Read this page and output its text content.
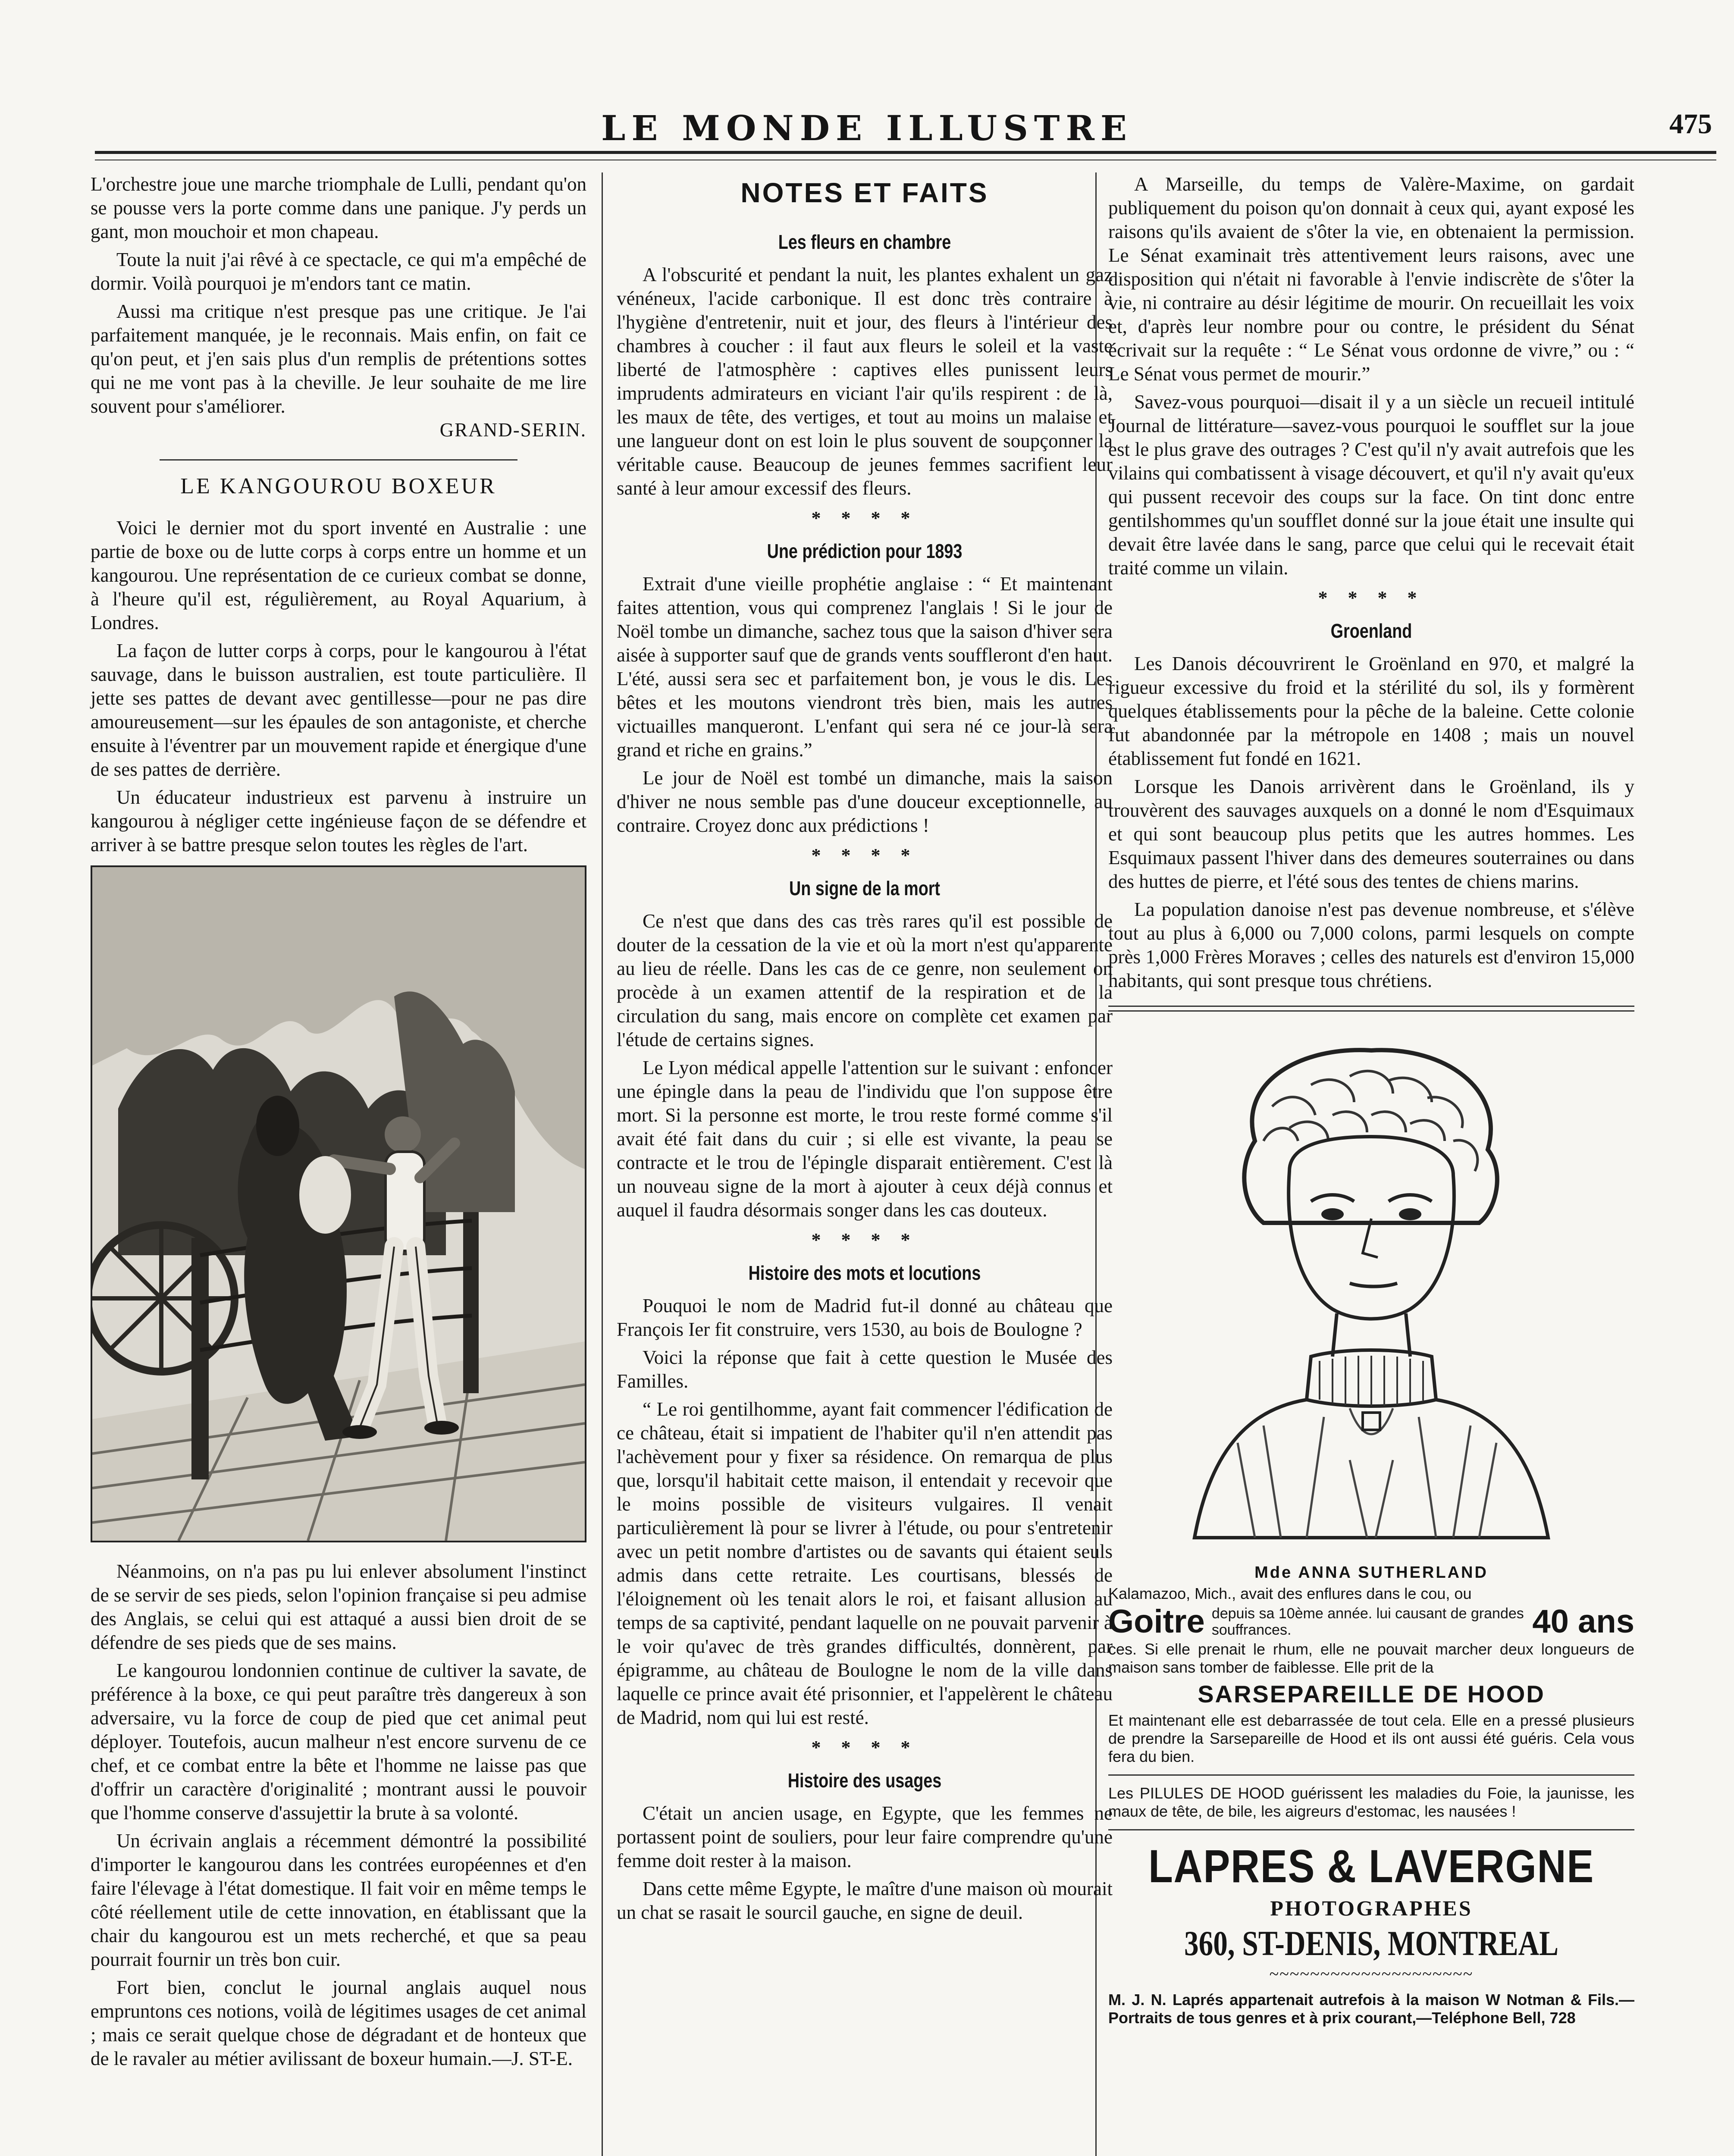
LE MONDE ILLUSTRE	475

L'orchestre joue une marche triomphale de Lulli, pendant qu'on se pousse vers la porte comme dans une panique. J'y perds un gant, mon mouchoir et mon chapeau.

Toute la nuit j'ai rêvé à ce spectacle, ce qui m'a empêché de dormir. Voilà pourquoi je m'endors tant ce matin.

Aussi ma critique n'est presque pas une critique. Je l'ai parfaitement manquée, je le reconnais. Mais enfin, on fait ce qu'on peut, et j'en sais plus d'un remplis de prétentions sottes qui ne me vont pas à la cheville. Je leur souhaite de me lire souvent pour s'améliorer.

GRAND-SERIN.
LE KANGOUROU BOXEUR

Voici le dernier mot du sport inventé en Australie : une partie de boxe ou de lutte corps à corps entre un homme et un kangourou. Une représentation de ce curieux combat se donne, à l'heure qu'il est, régulièrement, au Royal Aquarium, à Londres.

La façon de lutter corps à corps, pour le kangourou à l'état sauvage, dans le buisson australien, est toute particulière. Il jette ses pattes de devant avec gentillesse—pour ne pas dire amoureusement—sur les épaules de son antagoniste, et cherche ensuite à l'éventrer par un mouvement rapide et énergique d'une de ses pattes de derrière.

Un éducateur industrieux est parvenu à instruire un kangourou à négliger cette ingénieuse façon de se défendre et arriver à se battre presque selon toutes les règles de l'art.

Néanmoins, on n'a pas pu lui enlever absolument l'instinct de se servir de ses pieds, selon l'opinion française si peu admise des Anglais, se celui qui est attaqué a aussi bien droit de se défendre de ses pieds que de ses mains.

Le kangourou londonnien continue de cultiver la savate, de préférence à la boxe, ce qui peut paraître très dangereux à son adversaire, vu la force de coup de pied que cet animal peut déployer. Toutefois, aucun malheur n'est encore survenu de ce chef, et ce combat entre la bête et l'homme ne laisse pas que d'offrir un caractère d'originalité ; montrant aussi le pouvoir que l'homme conserve d'assujettir la brute à sa volonté.

Un écrivain anglais a récemment démontré la possibilité d'importer le kangourou dans les contrées européennes et d'en faire l'élevage à l'état domestique. Il fait voir en même temps le côté réellement utile de cette innovation, en établissant que la chair du kangourou est un mets recherché, et que sa peau pourrait fournir un très bon cuir.

Fort bien, conclut le journal anglais auquel nous empruntons ces notions, voilà de légitimes usages de cet animal ; mais ce serait quelque chose de dégradant et de honteux que de le ravaler au métier avilissant de boxeur humain.—J. ST-E.

NOTES ET FAITS
Les fleurs en chambre

A l'obscurité et pendant la nuit, les plantes exhalent un gaz vénéneux, l'acide carbonique. Il est donc très contraire à l'hygiène d'entretenir, nuit et jour, des fleurs à l'intérieur des chambres à coucher : il faut aux fleurs le soleil et la vaste liberté de l'atmosphère : captives elles punissent leurs imprudents admirateurs en viciant l'air qu'ils respirent : de là, les maux de tête, des vertiges, et tout au moins un malaise et une langueur dont on est loin le plus souvent de soupçonner la véritable cause. Beaucoup de jeunes femmes sacrifient leur santé à leur amour excessif des fleurs.

* * * *
Une prédiction pour 1893

Extrait d'une vieille prophétie anglaise : “ Et maintenant faites attention, vous qui comprenez l'anglais ! Si le jour de Noël tombe un dimanche, sachez tous que la saison d'hiver sera aisée à supporter sauf que de grands vents souffleront d'en haut. L'été, aussi sera sec et parfaitement bon, je vous le dis. Les bêtes et les moutons viendront très bien, mais les autres victuailles manqueront. L'enfant qui sera né ce jour-là sera grand et riche en grains.”

Le jour de Noël est tombé un dimanche, mais la saison d'hiver ne nous semble pas d'une douceur exceptionnelle, au contraire. Croyez donc aux prédictions !

* * * *
Un signe de la mort

Ce n'est que dans des cas très rares qu'il est possible de douter de la cessation de la vie et où la mort n'est qu'apparente au lieu de réelle. Dans les cas de ce genre, non seulement on procède à un examen attentif de la respiration et de la circulation du sang, mais encore on complète cet examen par l'étude de certains signes.

Le Lyon médical appelle l'attention sur le suivant : enfoncer une épingle dans la peau de l'individu que l'on suppose être mort. Si la personne est morte, le trou reste formé comme s'il avait été fait dans du cuir ; si elle est vivante, la peau se contracte et le trou de l'épingle disparait entièrement. C'est là un nouveau signe de la mort à ajouter à ceux déjà connus et auquel il faudra désormais songer dans les cas douteux.

* * * *
Histoire des mots et locutions

Pouquoi le nom de Madrid fut-il donné au château que François Ier fit construire, vers 1530, au bois de Boulogne ?

Voici la réponse que fait à cette question le Musée des Familles.

“ Le roi gentilhomme, ayant fait commencer l'édification de ce château, était si impatient de l'habiter qu'il n'en attendit pas l'achèvement pour y fixer sa résidence. On remarqua de plus que, lorsqu'il habitait cette maison, il entendait y recevoir que le moins possible de visiteurs vulgaires. Il venait particulièrement là pour se livrer à l'étude, ou pour s'entretenir avec un petit nombre d'artistes ou de savants qui étaient seuls admis dans cette retraite. Les courtisans, blessés de l'éloignement où les tenait alors le roi, et faisant allusion au temps de sa captivité, pendant laquelle on ne pouvait parvenir à le voir qu'avec de très grandes difficultés, donnèrent, par épigramme, au château de Boulogne le nom de la ville dans laquelle ce prince avait été prisonnier, et l'appelèrent le château de Madrid, nom qui lui est resté.

* * * *
Histoire des usages

C'était un ancien usage, en Egypte, que les femmes ne portassent point de souliers, pour leur faire comprendre qu'une femme doit rester à la maison.

Dans cette même Egypte, le maître d'une maison où mourait un chat se rasait le sourcil gauche, en signe de deuil.

A Marseille, du temps de Valère-Maxime, on gardait publiquement du poison qu'on donnait à ceux qui, ayant exposé les raisons qu'ils avaient de s'ôter la vie, en obtenaient la permission. Le Sénat examinait très attentivement leurs raisons, avec une disposition qui n'était ni favorable à l'envie indiscrète de s'ôter la vie, ni contraire au désir légitime de mourir. On recueillait les voix et, d'après leur nombre pour ou contre, le président du Sénat écrivait sur la requête : “ Le Sénat vous ordonne de vivre,” ou : “ Le Sénat vous permet de mourir.”

Savez-vous pourquoi—disait il y a un siècle un recueil intitulé Journal de littérature—savez-vous pourquoi le soufflet sur la joue est le plus grave des outrages ? C'est qu'il n'y avait autrefois que les vilains qui combatissent à visage découvert, et qu'il n'y avait qu'eux qui pussent recevoir des coups sur la face. On tint donc entre gentilshommes qu'un soufflet donné sur la joue était une insulte qui devait être lavée dans le sang, parce que celui qui le recevait était traité comme un vilain.

* * * *
Groenland

Les Danois découvrirent le Groënland en 970, et malgré la rigueur excessive du froid et la stérilité du sol, ils y formèrent quelques établissements pour la pêche de la baleine. Cette colonie fut abandonnée par la métropole en 1408 ; mais un nouvel établissement fut fondé en 1621.

Lorsque les Danois arrivèrent dans le Groënland, ils y trouvèrent des sauvages auxquels on a donné le nom d'Esquimaux et qui sont beaucoup plus petits que les autres hommes. Les Esquimaux passent l'hiver dans des demeures souterraines ou dans des huttes de pierre, et l'été sous des tentes de chiens marins.

La population danoise n'est pas devenue nombreuse, et s'élève tout au plus à 6,000 ou 7,000 colons, parmi lesquels on compte près 1,000 Frères Moraves ; celles des naturels est d'environ 15,000 habitants, qui sont presque tous chrétiens.

Mde ANNA SUTHERLAND
Kalamazoo, Mich., avait des enflures dans le cou, ou
Goitre depuis sa 10ème année. lui causant de grandes souffrances.	40 ans
ces. Si elle prenait le rhum, elle ne pouvait marcher deux longueurs de maison sans tomber de faiblesse. Elle prit de la
SARSEPAREILLE DE HOOD
Et maintenant elle est debarrassée de tout cela. Elle en a pressé plusieurs de prendre la Sarsepareille de Hood et ils ont aussi été guéris. Cela vous fera du bien.
Les PILULES DE HOOD guérissent les maladies du Foie, la jaunisse, les maux de tête, de bile, les aigreurs d'estomac, les nausées !
LAPRES & LAVERGNE
PHOTOGRAPHES
360, ST-DENIS, MONTREAL
~~~~~~~~~~~~~~~~~~~~
M. J. N. Laprés appartenait autrefois à la maison W Notman & Fils.—Portraits de tous genres et à prix courant,—Teléphone Bell, 728
